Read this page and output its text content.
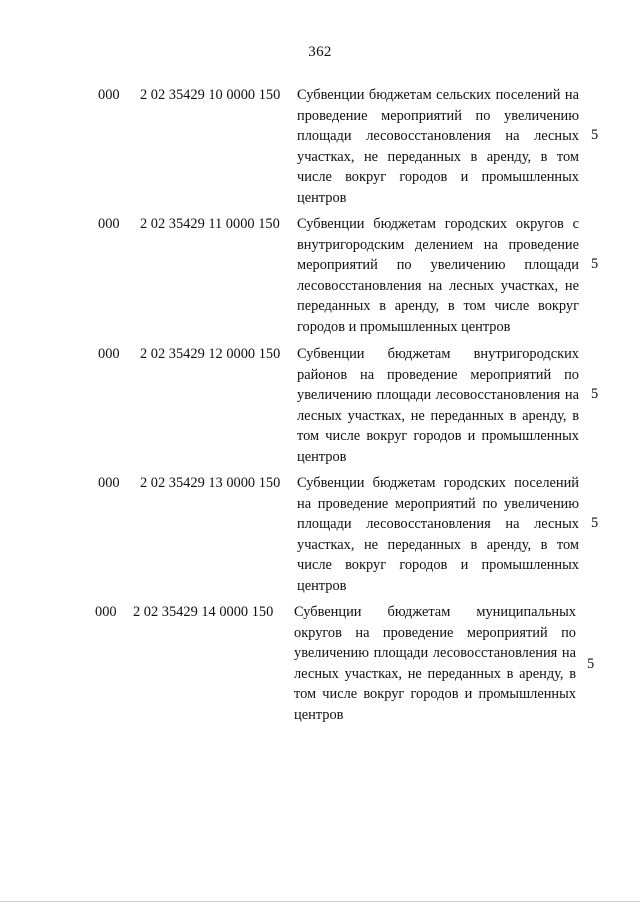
362
000 2 02 35429 10 0000 150 Субвенции бюджетам сельских поселений на проведение мероприятий по увеличению площади лесовосстановления на лесных участках, не переданных в аренду, в том числе вокруг городов и промышленных центров
5
000 2 02 35429 11 0000 150 Субвенции бюджетам городских округов с внутригородским делением на проведение мероприятий по увеличению площади лесовосстановления на лесных участках, не переданных в аренду, в том числе вокруг городов и промышленных центров
5
000 2 02 35429 12 0000 150 Субвенции бюджетам внутригородских районов на проведение мероприятий по увеличению площади лесовосстановления на лесных участках, не переданных в аренду, в том числе вокруг городов и промышленных центров
5
000 2 02 35429 13 0000 150 Субвенции бюджетам городских поселений на проведение мероприятий по увеличению площади лесовосстановления на лесных участках, не переданных в аренду, в том числе вокруг городов и промышленных центров
5
000 2 02 35429 14 0000 150 Субвенции бюджетам муниципальных округов на проведение мероприятий по увеличению площади лесовосстановления на лесных участках, не переданных в аренду, в том числе вокруг городов и промышленных центров
5
